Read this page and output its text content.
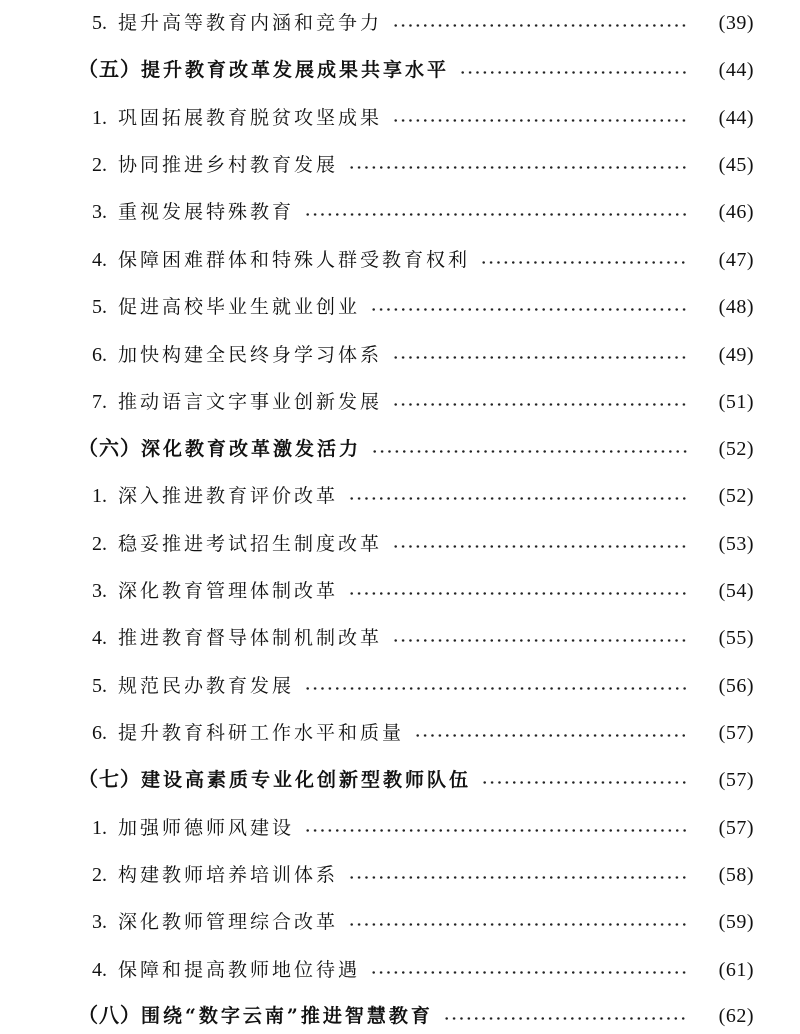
5. 提升高等教育内涵和竞争力	(39)
（五） 提升教育改革发展成果共享水平	(44)
1. 巩固拓展教育脱贫攻坚成果	(44)
2. 协同推进乡村教育发展	(45)
3. 重视发展特殊教育	(46)
4. 保障困难群体和特殊人群受教育权利	(47)
5. 促进高校毕业生就业创业	(48)
6. 加快构建全民终身学习体系	(49)
7. 推动语言文字事业创新发展	(51)
（六） 深化教育改革激发活力	(52)
1. 深入推进教育评价改革	(52)
2. 稳妥推进考试招生制度改革	(53)
3. 深化教育管理体制改革	(54)
4. 推进教育督导体制机制改革	(55)
5. 规范民办教育发展	(56)
6. 提升教育科研工作水平和质量	(57)
（七） 建设高素质专业化创新型教师队伍	(57)
1. 加强师德师风建设	(57)
2. 构建教师培养培训体系	(58)
3. 深化教师管理综合改革	(59)
4. 保障和提高教师地位待遇	(61)
（八） 围绕“数字云南”推进智慧教育	(62)
